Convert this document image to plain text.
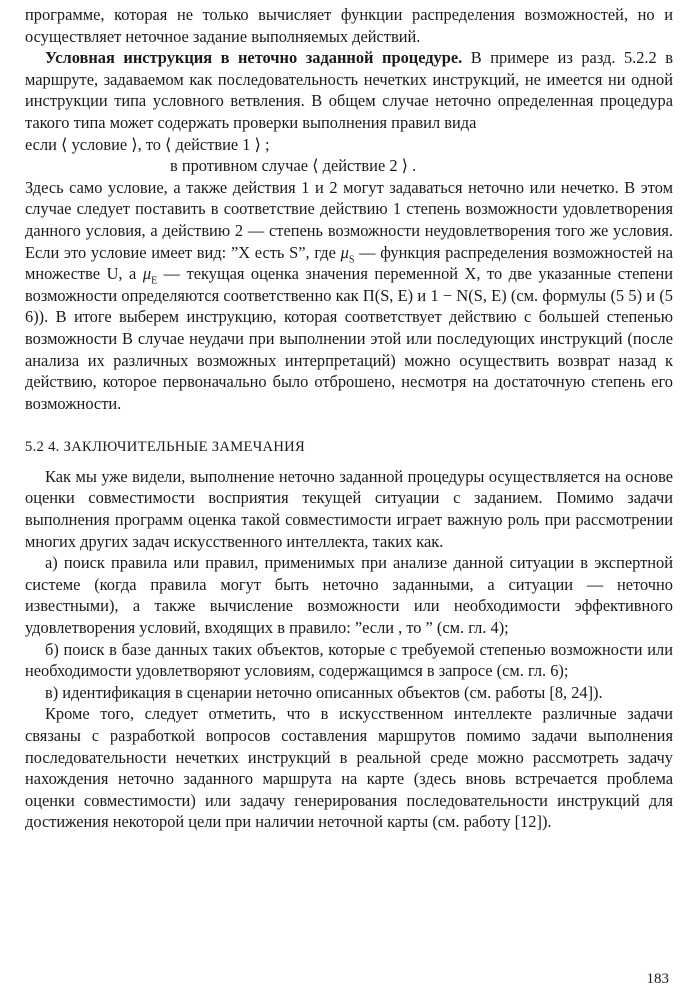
программе, которая не только вычисляет функции распределения возможностей, но и осуществляет неточное задание выполняемых действий.

Условная инструкция в неточно заданной процедуре. В примере из разд. 5.2.2 в маршруте, задаваемом как последовательность нечетких инструкций, не имеется ни одной инструкции типа условного ветвления. В общем случае неточно определенная процедура такого типа может содержать проверки выполнения правил вида

если ⟨ условие ⟩, то ⟨ действие 1 ⟩ ;

в противном случае ⟨ действие 2 ⟩ .

Здесь само условие, а также действия 1 и 2 могут задаваться неточно или нечетко. В этом случае следует поставить в соответствие действию 1 степень возможности удовлетворения данного условия, а действию 2 — степень возможности неудовлетворения того же условия. Если это условие имеет вид: ”X есть S”, где $\mu_S$ — функция распределения возможностей на множестве U, а $\mu_E$ — текущая оценка значения переменной X, то две указанные степени возможности определяются соответственно как Π(S, E) и 1 − N(S, E) (см. формулы (5 5) и (5 6)). В итоге выберем инструкцию, которая соответствует действию с большей степенью возможности В случае неудачи при выполнении этой или последующих инструкций (после анализа их различных возможных интерпретаций) можно осуществить возврат назад к действию, которое первоначально было отброшено, несмотря на достаточную степень его возможности.

5.2 4. ЗАКЛЮЧИТЕЛЬНЫЕ ЗАМЕЧАНИЯ

Как мы уже видели, выполнение неточно заданной процедуры осуществляется на основе оценки совместимости восприятия текущей ситуации с заданием. Помимо задачи выполнения программ оценка такой совместимости играет важную роль при рассмотрении многих других задач искусственного интеллекта, таких как.

а) поиск правила или правил, применимых при анализе данной ситуации в экспертной системе (когда правила могут быть неточно заданными, а ситуации — неточно известными), а также вычисление возможности или необходимости эффективного удовлетворения условий, входящих в правило: ”если , то ” (см. гл. 4);

б) поиск в базе данных таких объектов, которые с требуемой степенью возможности или необходимости удовлетворяют условиям, содержащимся в запросе (см. гл. 6);

в) идентификация в сценарии неточно описанных объектов (см. работы [8, 24]).

Кроме того, следует отметить, что в искусственном интеллекте различные задачи связаны с разработкой вопросов составления маршрутов помимо задачи выполнения последовательности нечетких инструкций в реальной среде можно рассмотреть задачу нахождения неточно заданного маршрута на карте (здесь вновь встречается проблема оценки совместимости) или задачу генерирования последовательности инструкций для достижения некоторой цели при наличии неточной карты (см. работу [12]).

183
